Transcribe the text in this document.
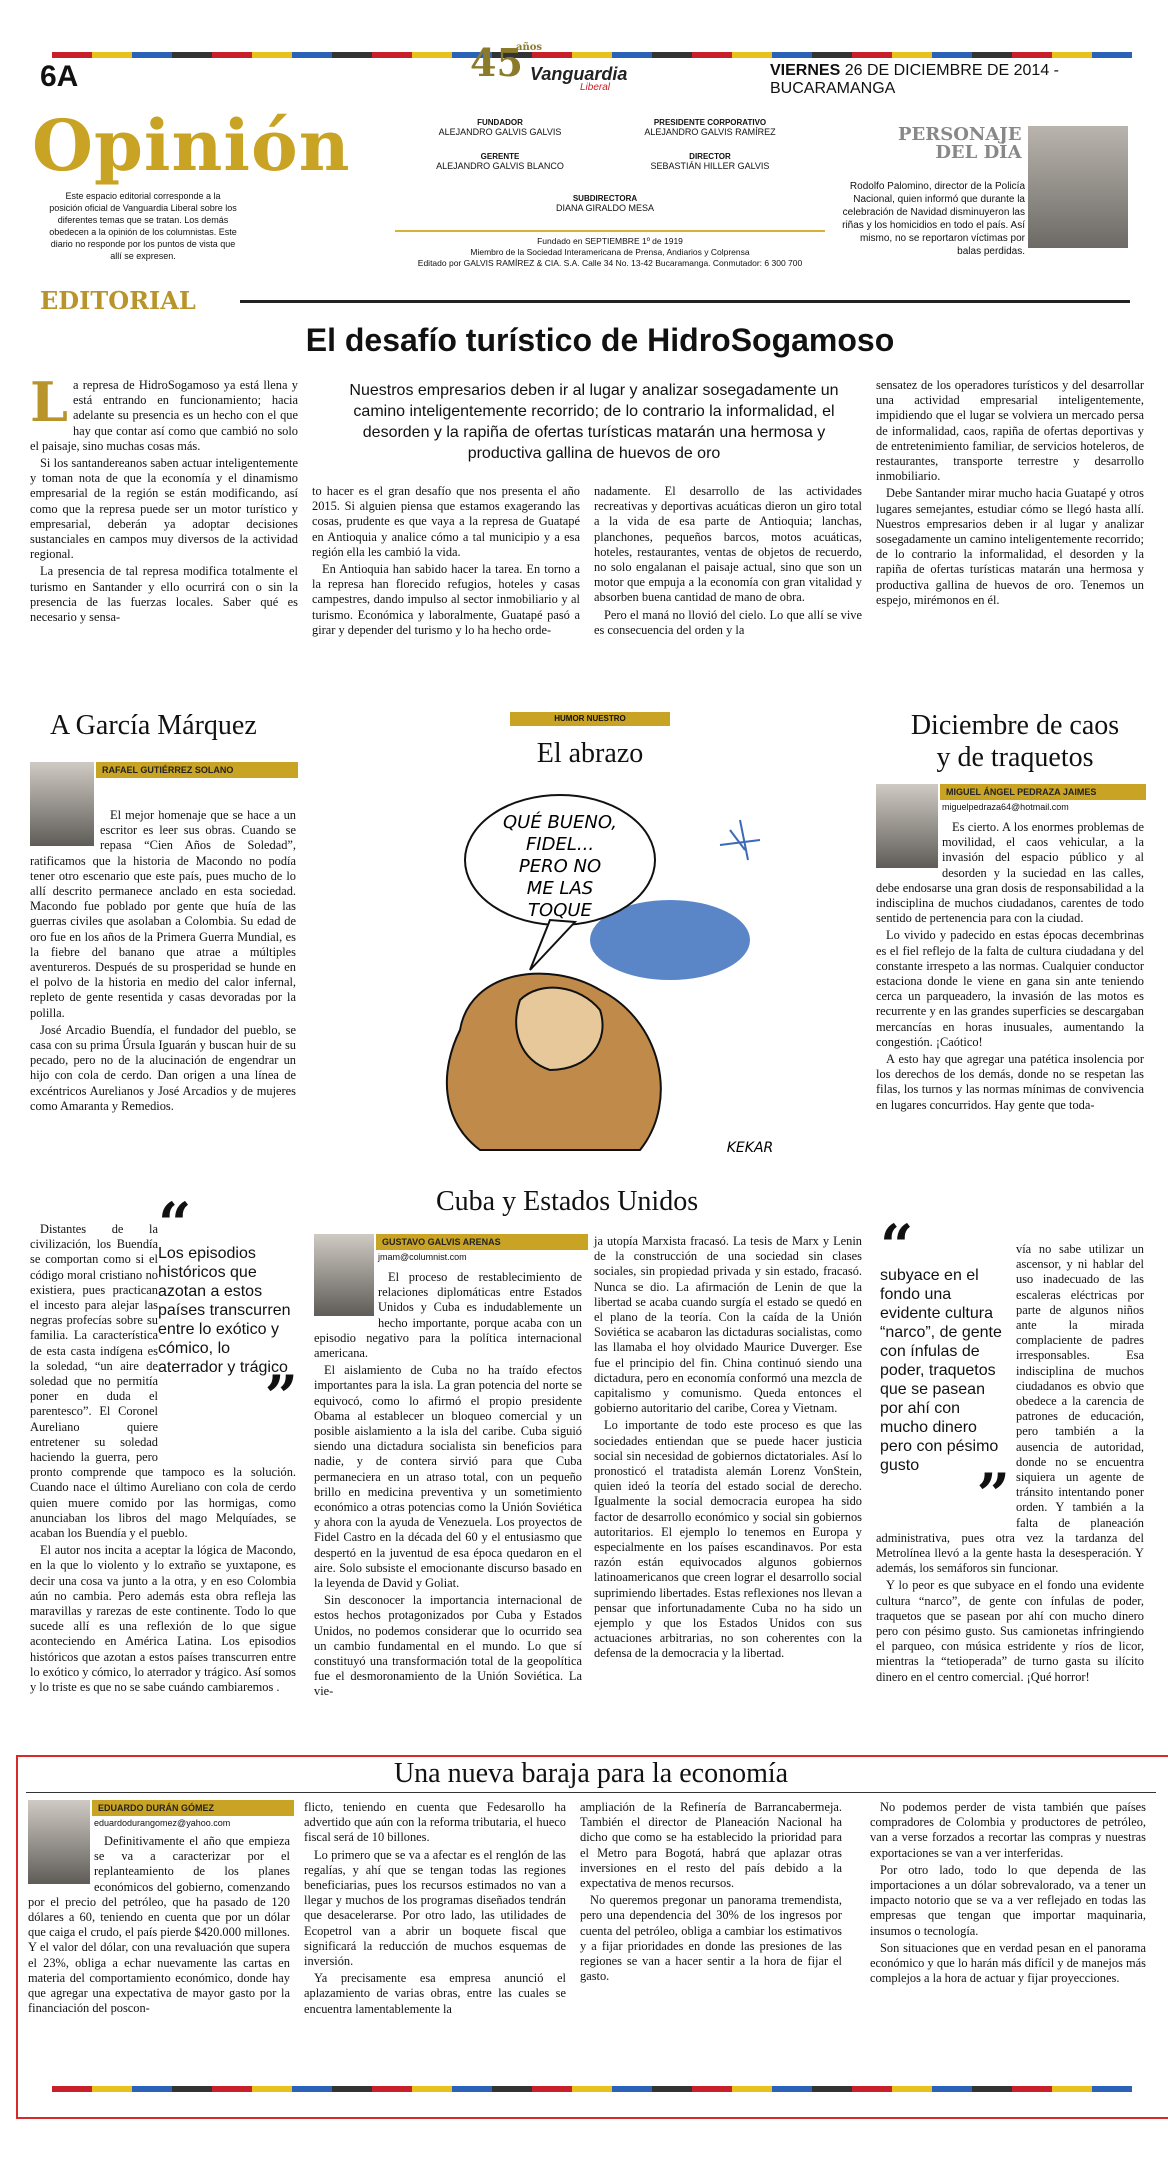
6A	45
años
Vanguardia
Liberal
VIERNES 26 DE DICIEMBRE DE 2014 - BUCARAMANGA
Opinión
Este espacio editorial corresponde a la posición oficial de Vanguardia Liberal sobre los diferentes temas que se tratan. Los demás obedecen a la opinión de los columnistas. Este diario no responde por los puntos de vista que allí se expresen.
FUNDADOR
ALEJANDRO GALVIS GALVIS
PRESIDENTE CORPORATIVO
ALEJANDRO GALVIS RAMÍREZ
GERENTE
ALEJANDRO GALVIS BLANCO
DIRECTOR
SEBASTIÁN HILLER GALVIS
SUBDIRECTORA
DIANA GIRALDO MESA
Fundado en SEPTIEMBRE 1º de 1919
Miembro de la Sociedad Interamericana de Prensa, Andiarios y Colprensa
Editado por GALVIS RAMÍREZ & CIA. S.A. Calle 34 No. 13-42 Bucaramanga. Conmutador: 6 300 700
PERSONAJE
DEL DÍA
Rodolfo Palomino, director de la Policía Nacional, quien informó que durante la celebración de Navidad disminuyeron las riñas y los homicidios en todo el país. Así mismo, no se reportaron víctimas por balas perdidas.
EDITORIAL
El desafío turístico de HidroSogamoso

La represa de HidroSogamoso ya está llena y está entrando en funcionamiento; hacia adelante su presencia es un hecho con el que hay que contar así como que cambió no solo el paisaje, sino muchas cosas más.

Si los santandereanos saben actuar inteligentemente y toman nota de que la economía y el dinamismo empresarial de la región se están modificando, así como que la represa puede ser un motor turístico y empresarial, deberán ya adoptar decisiones sustanciales en campos muy diversos de la actividad regional.

La presencia de tal represa modifica totalmente el turismo en Santander y ello ocurrirá con o sin la presencia de las fuerzas locales. Saber qué es necesario y sensa-

Nuestros empresarios deben ir al lugar y analizar sosegadamente un camino inteligentemente recorrido; de lo contrario la informalidad, el desorden y la rapiña de ofertas turísticas matarán una hermosa y productiva gallina de huevos de oro

to hacer es el gran desafío que nos presenta el año 2015. Si alguien piensa que estamos exagerando las cosas, prudente es que vaya a la represa de Guatapé en Antioquia y analice cómo a tal municipio y a esa región ella les cambió la vida.

En Antioquia han sabido hacer la tarea. En torno a la represa han florecido refugios, hoteles y casas campestres, dando impulso al sector inmobiliario y al turismo. Económica y laboralmente, Guatapé pasó a girar y depender del turismo y lo ha hecho orde-

nadamente. El desarrollo de las actividades recreativas y deportivas acuáticas dieron un giro total a la vida de esa parte de Antioquia; lanchas, planchones, pequeños barcos, motos acuáticas, hoteles, restaurantes, ventas de objetos de recuerdo, no solo engalanan el paisaje actual, sino que son un motor que empuja a la economía con gran vitalidad y absorben buena cantidad de mano de obra.

Pero el maná no llovió del cielo. Lo que allí se vive es consecuencia del orden y la

sensatez de los operadores turísticos y del desarrollar una actividad empresarial inteligentemente, impidiendo que el lugar se volviera un mercado persa de informalidad, caos, rapiña de ofertas deportivas y de entretenimiento familiar, de servicios hoteleros, de restaurantes, transporte terrestre y desarrollo inmobiliario.

Debe Santander mirar mucho hacia Guatapé y otros lugares semejantes, estudiar cómo se llegó hasta allí. Nuestros empresarios deben ir al lugar y analizar sosegadamente un camino inteligentemente recorrido; de lo contrario la informalidad, el desorden y la rapiña de ofertas turísticas matarán una hermosa y productiva gallina de huevos de oro. Tenemos un espejo, mirémonos en él.

A García Márquez
RAFAEL GUTIÉRREZ SOLANO

El mejor homenaje que se hace a un escritor es leer sus obras. Cuando se repasa “Cien Años de Soledad”, ratificamos que la historia de Macondo no podía tener otro escenario que este país, pues mucho de lo allí descrito permanece anclado en esta sociedad. Macondo fue poblado por gente que huía de las guerras civiles que asolaban a Colombia. Su edad de oro fue en los años de la Primera Guerra Mundial, es la fiebre del banano que atrae a múltiples aventureros. Después de su prosperidad se hunde en el polvo de la historia en medio del calor infernal, repleto de gente resentida y casas devoradas por la polilla.

José Arcadio Buendía, el fundador del pueblo, se casa con su prima Úrsula Iguarán y buscan huir de su pecado, pero no de la alucinación de engendrar un hijo con cola de cerdo. Dan origen a una línea de excéntricos Aurelianos y José Arcadios y de mujeres como Amaranta y Remedios.

“
Los episodios históricos que azotan a estos países transcurren entre lo exótico y cómico, lo aterrador y trágico
”

Distantes de la civilización, los Buendía se comportan como si el código moral cristiano no existiera, pues practican el incesto para alejar las negras profecías sobre su familia. La característica de esta casta indígena es la soledad, “un aire de soledad que no permitía poner en duda el parentesco”. El Coronel Aureliano quiere entretener su soledad haciendo la guerra, pero pronto comprende que tampoco es la solución. Cuando nace el último Aureliano con cola de cerdo quien muere comido por las hormigas, como anunciaban los libros del mago Melquíades, se acaban los Buendía y el pueblo.

El autor nos incita a aceptar la lógica de Macondo, en la que lo violento y lo extraño se yuxtapone, es decir una cosa va junto a la otra, y en eso Colombia aún no cambia. Pero además esta obra refleja las maravillas y rarezas de este continente. Todo lo que sucede allí es una reflexión de lo que sigue aconteciendo en América Latina. Los episodios históricos que azotan a estos países transcurren entre lo exótico y cómico, lo aterrador y trágico. Así somos y lo triste es que no se sabe cuándo cambiaremos .

HUMOR NUESTRO
El abrazo
QUÉ BUENO,
FIDEL...
PERO NO
ME LAS
TOQUE
KEKAR
Cuba y Estados Unidos
GUSTAVO GALVIS ARENAS
jmam@columnist.com

El proceso de restablecimiento de relaciones diplomáticas entre Estados Unidos y Cuba es indudablemente un hecho importante, porque acaba con un episodio negativo para la política internacional americana.

El aislamiento de Cuba no ha traído efectos importantes para la isla. La gran potencia del norte se equivocó, como lo afirmó el propio presidente Obama al establecer un bloqueo comercial y un posible aislamiento a la isla del caribe. Cuba siguió siendo una dictadura socialista sin beneficios para nadie, y de contera sirvió para que Cuba permaneciera en un atraso total, con un pequeño brillo en medicina preventiva y un sometimiento económico a otras potencias como la Unión Soviética y ahora con la ayuda de Venezuela. Los proyectos de Fidel Castro en la década del 60 y el entusiasmo que despertó en la juventud de esa época quedaron en el aire. Solo subsiste el emocionante discurso basado en la leyenda de David y Goliat.

Sin desconocer la importancia internacional de estos hechos protagonizados por Cuba y Estados Unidos, no podemos considerar que lo ocurrido sea un cambio fundamental en el mundo. Lo que sí constituyó una transformación total de la geopolítica fue el desmoronamiento de la Unión Soviética. La vie-

ja utopía Marxista fracasó. La tesis de Marx y Lenin de la construcción de una sociedad sin clases sociales, sin propiedad privada y sin estado, fracasó. Nunca se dio. La afirmación de Lenin de que la libertad se acaba cuando surgía el estado se quedó en el plano de la teoría. Con la caída de la Unión Soviética se acabaron las dictaduras socialistas, como las llamaba el hoy olvidado Maurice Duverger. Ese fue el principio del fin. China continuó siendo una dictadura, pero en economía conformó una mezcla de capitalismo y comunismo. Queda entonces el gobierno autoritario del caribe, Corea y Vietnam.

Lo importante de todo este proceso es que las sociedades entiendan que se puede hacer justicia social sin necesidad de gobiernos dictatoriales. Así lo pronosticó el tratadista alemán Lorenz VonStein, quien ideó la teoría del estado social de derecho. Igualmente la social democracia europea ha sido factor de desarrollo económico y social sin gobiernos autoritarios. El ejemplo lo tenemos en Europa y especialmente en los países escandinavos. Por esta razón están equivocados algunos gobiernos latinoamericanos que creen lograr el desarrollo social suprimiendo libertades. Estas reflexiones nos llevan a pensar que infortunadamente Cuba no ha sido un ejemplo y que los Estados Unidos con sus actuaciones arbitrarias, no son coherentes con la defensa de la democracia y la libertad.

Diciembre de caos
y de traquetos
MIGUEL ÁNGEL PEDRAZA JAIMES
miguelpedraza64@hotmail.com

Es cierto. A los enormes problemas de movilidad, el caos vehicular, a la invasión del espacio público y al desorden y la suciedad en las calles, debe endosarse una gran dosis de responsabilidad a la indisciplina de muchos ciudadanos, carentes de todo sentido de pertenencia para con la ciudad.

Lo vivido y padecido en estas épocas decembrinas es el fiel reflejo de la falta de cultura ciudadana y del constante irrespeto a las normas. Cualquier conductor estaciona donde le viene en gana sin ante teniendo cerca un parqueadero, la invasión de las motos es recurrente y en las grandes superficies se descargaban mercancías en horas inusuales, aumentando la congestión. ¡Caótico!

A esto hay que agregar una patética insolencia por los derechos de los demás, donde no se respetan las filas, los turnos y las normas mínimas de convivencia en lugares concurridos. Hay gente que toda-

“
subyace en el fondo una evidente cultura “narco”, de gente con ínfulas de poder, traquetos que se pasean por ahí con mucho dinero pero con pésimo gusto ”

vía no sabe utilizar un ascensor, y ni hablar del uso inadecuado de las escaleras eléctricas por parte de algunos niños ante la mirada complaciente de padres irresponsables. Esa indisciplina de muchos ciudadanos es obvio que obedece a la carencia de patrones de educación, pero también a la ausencia de autoridad, donde no se encuentra siquiera un agente de tránsito intentando poner orden. Y también a la falta de planeación administrativa, pues otra vez la tardanza del Metrolínea llevó a la gente hasta la desesperación. Y además, los semáforos sin funcionar.

Y lo peor es que subyace en el fondo una evidente cultura “narco”, de gente con ínfulas de poder, traquetos que se pasean por ahí con mucho dinero pero con pésimo gusto. Sus camionetas infringiendo el parqueo, con música estridente y ríos de licor, mientras la “tetioperada” de turno gasta su ilícito dinero en el centro comercial. ¡Qué horror!

Una nueva baraja para la economía
EDUARDO DURÁN GÓMEZ
eduardodurangomez@yahoo.com

Definitivamente el año que empieza se va a caracterizar por el replanteamiento de los planes económicos del gobierno, comenzando por el precio del petróleo, que ha pasado de 120 dólares a 60, teniendo en cuenta que por un dólar que caiga el crudo, el país pierde $420.000 millones. Y el valor del dólar, con una revaluación que supera el 23%, obliga a echar nuevamente las cartas en materia del comportamiento económico, donde hay que agregar una expectativa de mayor gasto por la financiación del poscon-

flicto, teniendo en cuenta que Fedesarollo ha advertido que aún con la reforma tributaria, el hueco fiscal será de 10 billones.

Lo primero que se va a afectar es el renglón de las regalías, y ahí que se tengan todas las regiones beneficiarias, pues los recursos estimados no van a llegar y muchos de los programas diseñados tendrán que desacelerarse. Por otro lado, las utilidades de Ecopetrol van a abrir un boquete fiscal que significará la reducción de muchos esquemas de inversión.

Ya precisamente esa empresa anunció el aplazamiento de varias obras, entre las cuales se encuentra lamentablemente la

ampliación de la Refinería de Barrancabermeja. También el director de Planeación Nacional ha dicho que como se ha establecido la prioridad para el Metro para Bogotá, habrá que aplazar otras inversiones en el resto del país debido a la expectativa de menos recursos.

No queremos pregonar un panorama tremendista, pero una dependencia del 30% de los ingresos por cuenta del petróleo, obliga a cambiar los estimativos y a fijar prioridades en donde las presiones de las regiones se van a hacer sentir a la hora de fijar el gasto.

No podemos perder de vista también que países compradores de Colombia y productores de petróleo, van a verse forzados a recortar las compras y nuestras exportaciones se van a ver interferidas.

Por otro lado, todo lo que dependa de las importaciones a un dólar sobrevalorado, va a tener un impacto notorio que se va a ver reflejado en todas las empresas que tengan que importar maquinaria, insumos o tecnología.

Son situaciones que en verdad pesan en el panorama económico y que lo harán más difícil y de manejos más complejos a la hora de actuar y fijar proyecciones.
